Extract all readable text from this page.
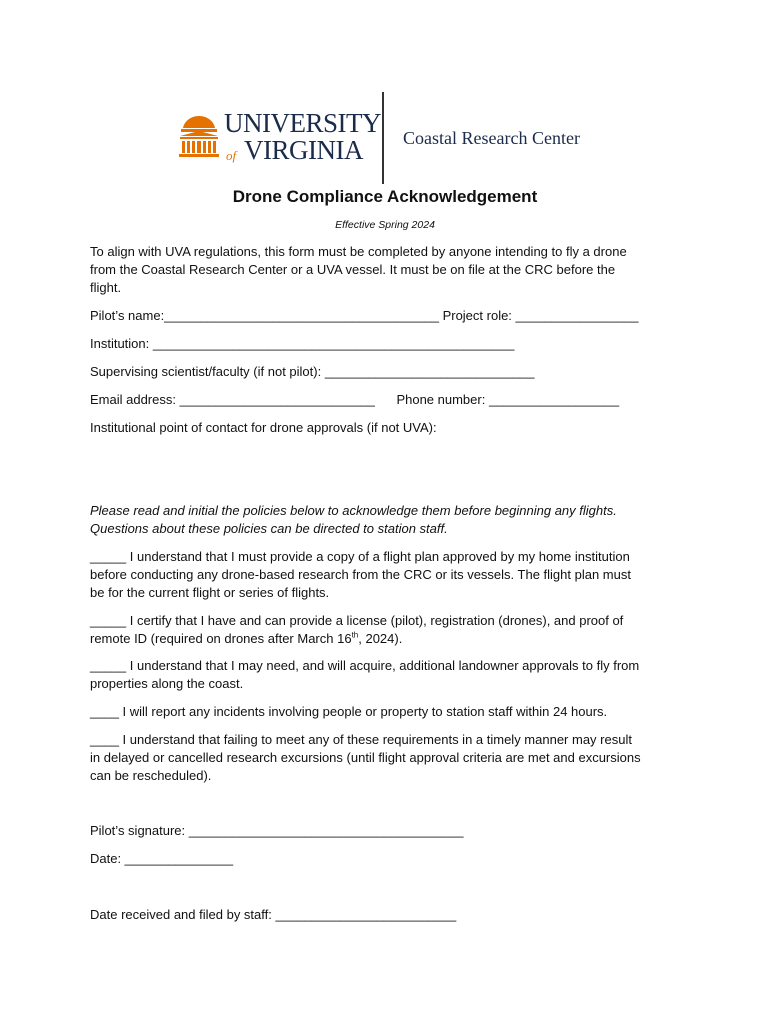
UNIVERSITY
of VIRGINIA Coastal Research Center
Drone Compliance Acknowledgement
Effective Spring 2024
To align with UVA regulations, this form must be completed by anyone intending to fly a drone
from the Coastal Research Center or a UVA vessel. It must be on file at the CRC before the
flight.
Pilot’s name:______________________________________ Project role: _________________
Institution: __________________________________________________
Supervising scientist/faculty (if not pilot): _____________________________
Email address: ___________________________ Phone number: __________________
Institutional point of contact for drone approvals (if not UVA):
Please read and initial the policies below to acknowledge them before beginning any flights.
Questions about these policies can be directed to station staff.
_____ I understand that I must provide a copy of a flight plan approved by my home institution
before conducting any drone-based research from the CRC or its vessels. The flight plan must
be for the current flight or series of flights.
_____ I certify that I have and can provide a license (pilot), registration (drones), and proof of
remote ID (required on drones after March 16th, 2024).
_____ I understand that I may need, and will acquire, additional landowner approvals to fly from
properties along the coast.
____ I will report any incidents involving people or property to station staff within 24 hours.
____ I understand that failing to meet any of these requirements in a timely manner may result
in delayed or cancelled research excursions (until flight approval criteria are met and excursions
can be rescheduled).
Pilot’s signature: ______________________________________
Date: _______________
Date received and filed by staff: _________________________
